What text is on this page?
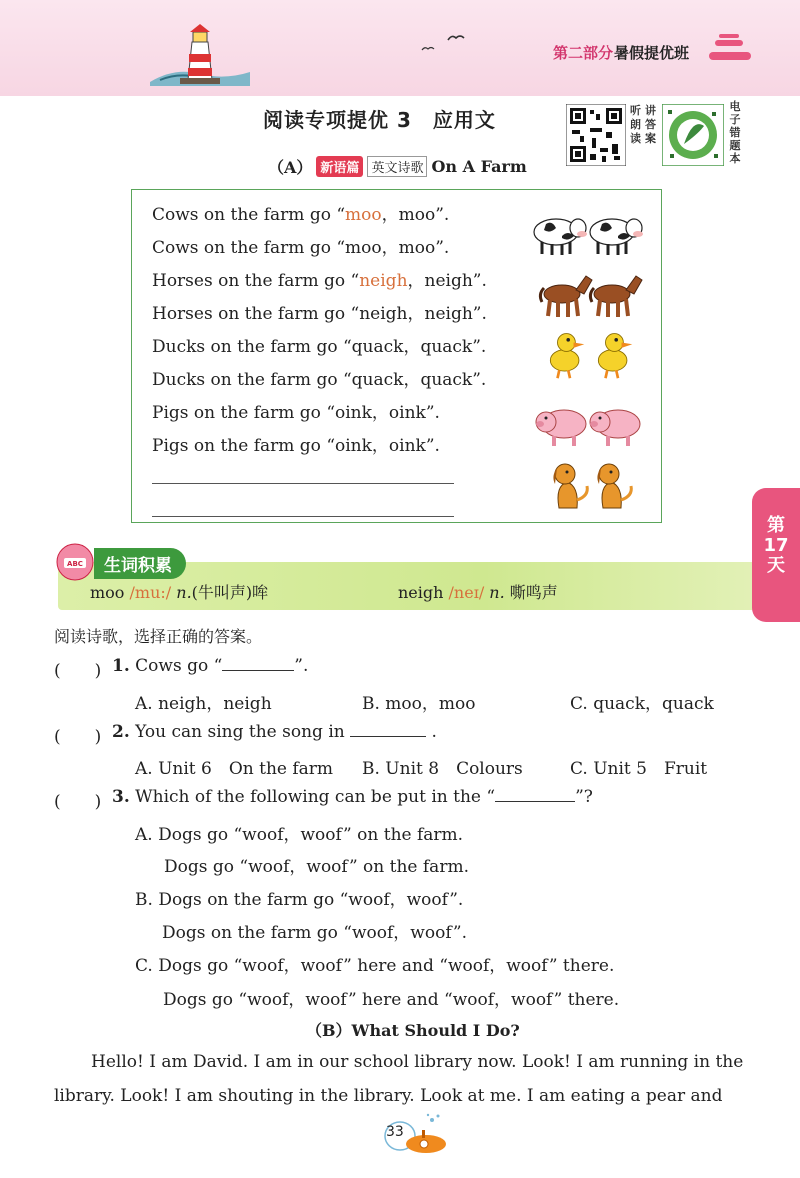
第二部分 暑假提优班
阅读专项提优 3　应用文	听 讲
朗 答
读 案
电
子
错
题
本
（A） 新语篇 英文诗歌 On A Farm
Cows on the farm go “moo，moo”.
Cows on the farm go “moo，moo”.
Horses on the farm go “neigh，neigh”.
Horses on the farm go “neigh，neigh”.
Ducks on the farm go “quack，quack”.
Ducks on the farm go “quack，quack”.
Pigs on the farm go “oink，oink”.
Pigs on the farm go “oink，oink”.
ABC	生词积累
moo /mu:/ n.(牛叫声)哞	neigh /neɪ/ n. 嘶鸣声
第
17
天
阅读诗歌，选择正确的答案。
(　　) 1. Cows go “	”.
A. neigh，neigh	B. moo，moo	C. quack，quack
(　　) 2. You can sing the song in	.
A. Unit 6　On the farm B. Unit 8　Colours	C. Unit 5　Fruit
(　　) 3. Which of the following can be put in the “	”?
A. Dogs go “woof，woof” on the farm.
Dogs go “woof，woof” on the farm.
B. Dogs on the farm go “woof，woof”.
Dogs on the farm go “woof，woof”.
C. Dogs go “woof，woof” here and “woof，woof” there.
Dogs go “woof，woof” here and “woof，woof” there.
（B）What Should I Do?
Hello! I am David. I am in our school library now. Look! I am running in the
library. Look! I am shouting in the library. Look at me. I am eating a pear and
33
